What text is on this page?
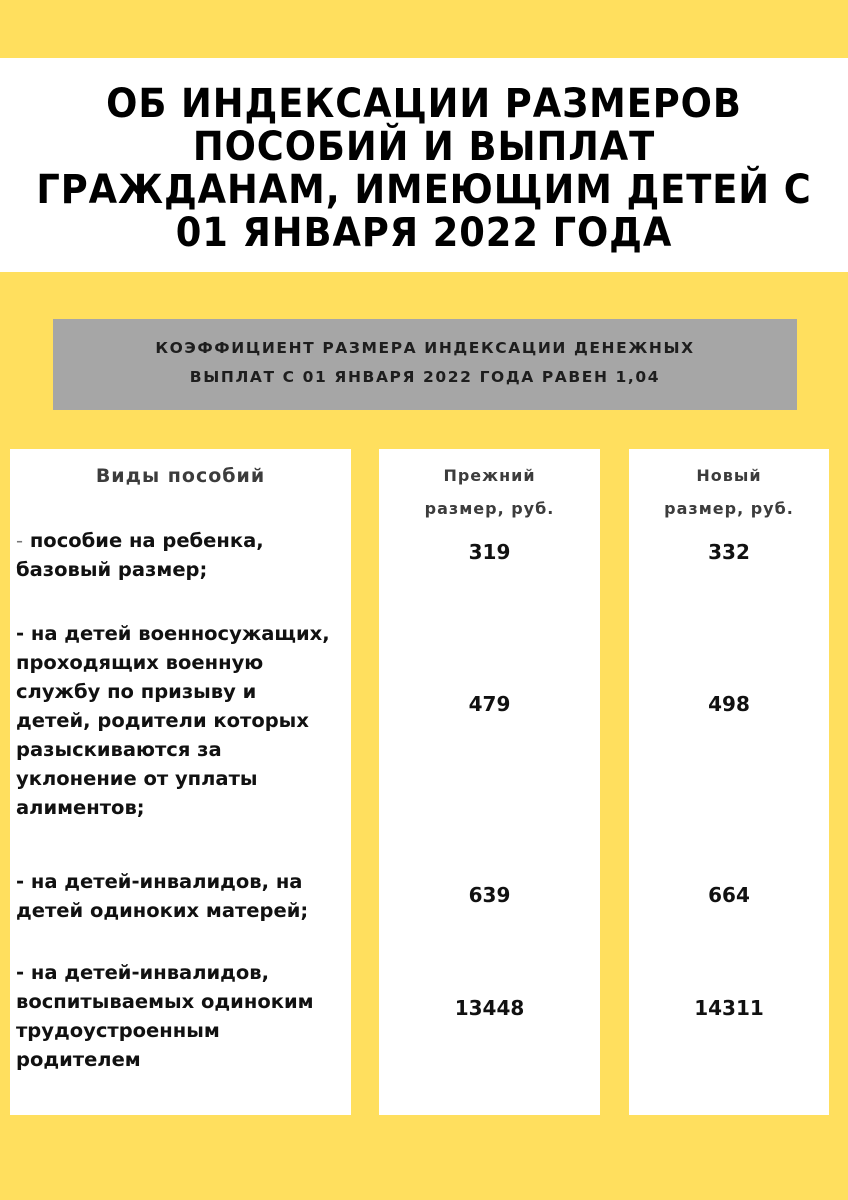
ОБ ИНДЕКСАЦИИ РАЗМЕРОВ
ПОСОБИЙ И ВЫПЛАТ
ГРАЖДАНАМ, ИМЕЮЩИМ ДЕТЕЙ С
01 ЯНВАРЯ 2022 ГОДА
КОЭФФИЦИЕНТ РАЗМЕРА ИНДЕКСАЦИИ ДЕНЕЖНЫХ
ВЫПЛАТ С 01 ЯНВАРЯ 2022 ГОДА РАВЕН 1,04
Виды пособий
- пособие на ребенка,
базовый размер;
- на детей военносужащих,
проходящих военную
службу по призыву и
детей, родители которых
разыскиваются за
уклонение от уплаты
алиментов;
- на детей-инвалидов, на
детей одиноких матерей;
- на детей-инвалидов,
воспитываемых одиноким
трудоустроенным
родителем
Прежний
размер, руб.
319
479
639
13448
Новый
размер, руб.
332
498
664
14311
